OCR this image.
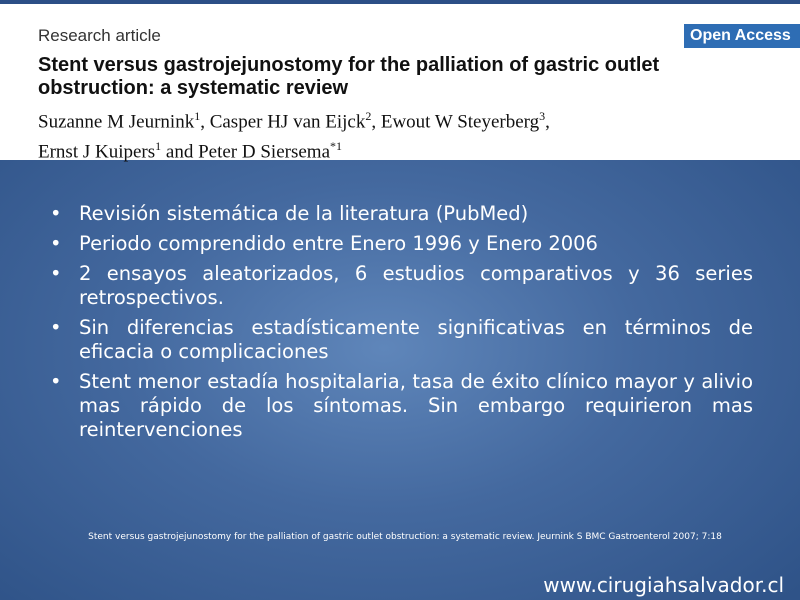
Research article	Open Access
Stent versus gastrojejunostomy for the palliation of gastric outlet obstruction: a systematic review
Suzanne M Jeurnink$^1$, Casper HJ van Eijck$^2$, Ewout W Steyerberg$^3$,
Ernst J Kuipers$^1$ and Peter D Siersema$^{*1}$
• Revisión sistemática de la literatura (PubMed)
• Periodo comprendido entre Enero 1996 y Enero 2006
• 2 ensayos aleatorizados, 6 estudios comparativos y 36 series retrospectivos.
• Sin diferencias estadísticamente significativas en términos de eficacia o complicaciones
• Stent menor estadía hospitalaria, tasa de éxito clínico mayor y alivio mas rápido de los síntomas. Sin embargo requirieron mas reintervenciones
Stent versus gastrojejunostomy for the palliation of gastric outlet obstruction: a systematic review. Jeurnink S BMC Gastroenterol 2007; 7:18
www.cirugiahsalvador.cl
